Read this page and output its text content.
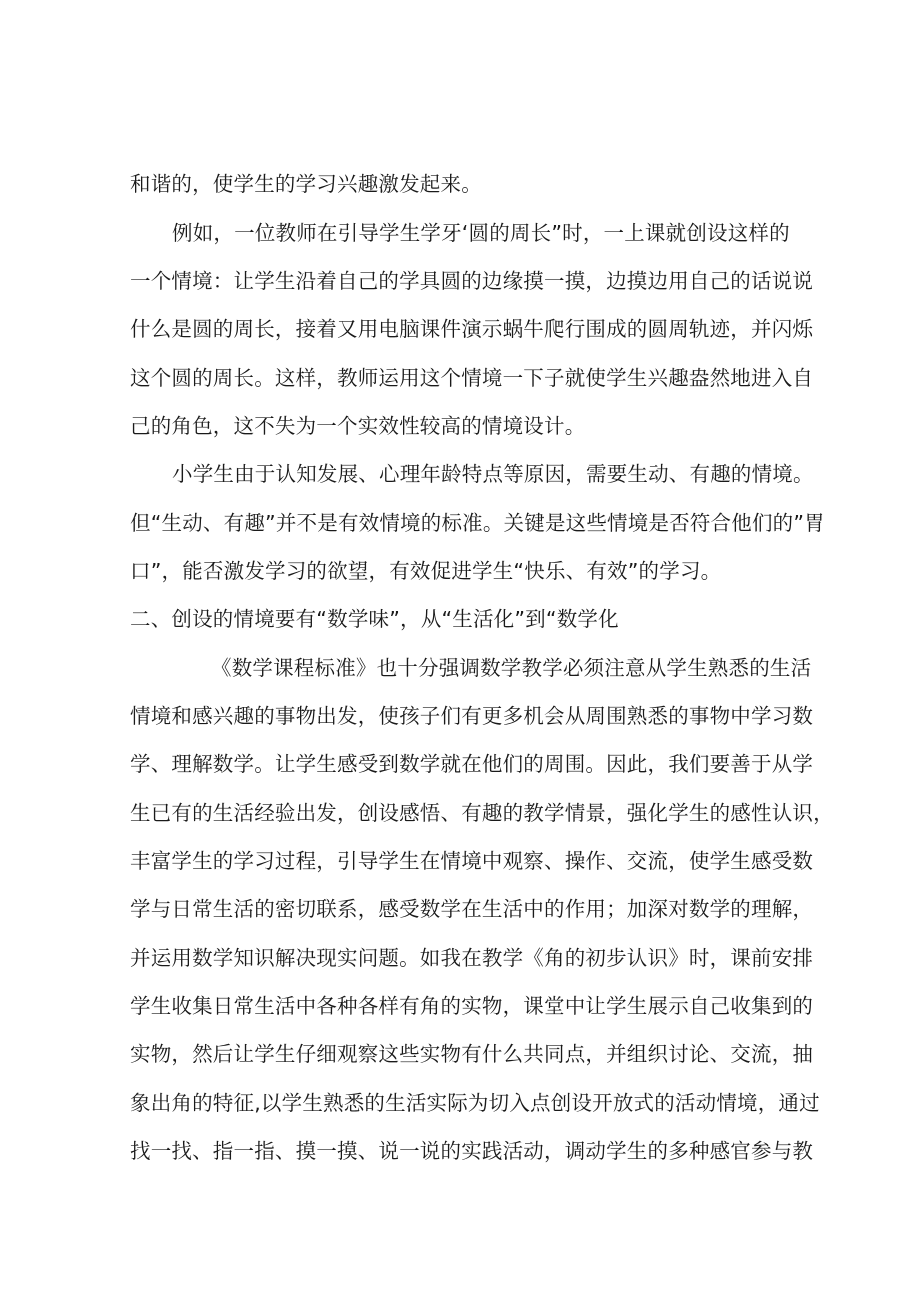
和谐的，使学生的学习兴趣激发起来。

例如，一位教师在引导学生学牙‘圆的周长”时，一上课就创设这样的

一个情境：让学生沿着自己的学具圆的边缘摸一摸，边摸边用自己的话说说

什么是圆的周长，接着又用电脑课件演示蜗牛爬行围成的圆周轨迹，并闪烁

这个圆的周长。这样，教师运用这个情境一下子就使学生兴趣盎然地进入自

己的角色，这不失为一个实效性较高的情境设计。

小学生由于认知发展、心理年龄特点等原因，需要生动、有趣的情境。

但“生动、有趣”并不是有效情境的标准。关键是这些情境是否符合他们的”胃

口”，能否激发学习的欲望，有效促进学生“快乐、有效”的学习。

二、创设的情境要有“数学味”，从“生活化”到“数学化

《数学课程标准》也十分强调数学教学必须注意从学生熟悉的生活

情境和感兴趣的事物出发，使孩子们有更多机会从周围熟悉的事物中学习数

学、理解数学。让学生感受到数学就在他们的周围。因此，我们要善于从学

生已有的生活经验出发，创设感悟、有趣的教学情景，强化学生的感性认识，

丰富学生的学习过程，引导学生在情境中观察、操作、交流，使学生感受数

学与日常生活的密切联系，感受数学在生活中的作用；加深对数学的理解，

并运用数学知识解决现实问题。如我在教学《角的初步认识》时，课前安排

学生收集日常生活中各种各样有角的实物，课堂中让学生展示自己收集到的

实物，然后让学生仔细观察这些实物有什么共同点，并组织讨论、交流，抽

象出角的特征,以学生熟悉的生活实际为切入点创设开放式的活动情境，通过

找一找、指一指、摸一摸、说一说的实践活动，调动学生的多种感官参与教
